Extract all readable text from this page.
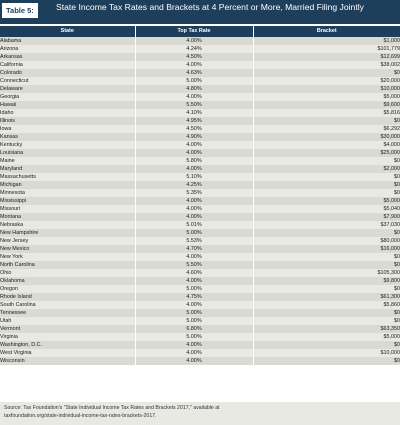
Table 5:	State Income Tax Rates and Brackets at 4 Percent or More, Married Filing Jointly
State	Top Tax Rate	Bracket
Alabama	4.00%	$1,000
Arizona	4.24%	$101,779
Arkansas	4.50%	$12,699
California	4.00%	$38,002
Colorado	4.63%	$0
Connecticut	5.00%	$20,000
Delaware	4.80%	$10,000
Georgia	4.00%	$5,000
Hawaii	5.50%	$9,600
Idaho	4.10%	$5,816
Illinois	4.95%	$0
Iowa	4.50%	$6,292
Kansas	4.90%	$30,000
Kentucky	4.00%	$4,000
Louisiana	4.00%	$25,000
Maine	5.80%	$0
Maryland	4.00%	$2,000
Massachusetts	5.10%	$0
Michigan	4.25%	$0
Minnesota	5.35%	$0
Mississippi	4.00%	$5,000
Missouri	4.00%	$5,040
Montana	4.00%	$7,900
Nebraska	5.01%	$37,030
New Hampshire	5.00%	$0
New Jersey	5.53%	$80,000
New Mexico	4.70%	$16,000
New York	4.00%	$0
North Carolina	5.50%	$0
Ohio	4.60%	$105,300
Oklahoma	4.00%	$9,800
Oregon	5.00%	$0
Rhode Island	4.75%	$61,300
South Carolina	4.00%	$5,860
Tennessee	5.00%	$0
Utah	5.00%	$0
Vermont	6.80%	$63,350
Virginia	5.00%	$5,000
Washington, D.C.	4.00%	$0
West Virginia	4.00%	$10,000
Wisconsin	4.00%	$0
Source: Tax Foundation's "State Individual Income Tax Rates and Brackets 2017," available at
taxfoundation.org/state-individual-income-tax-rates-brackets-2017.
